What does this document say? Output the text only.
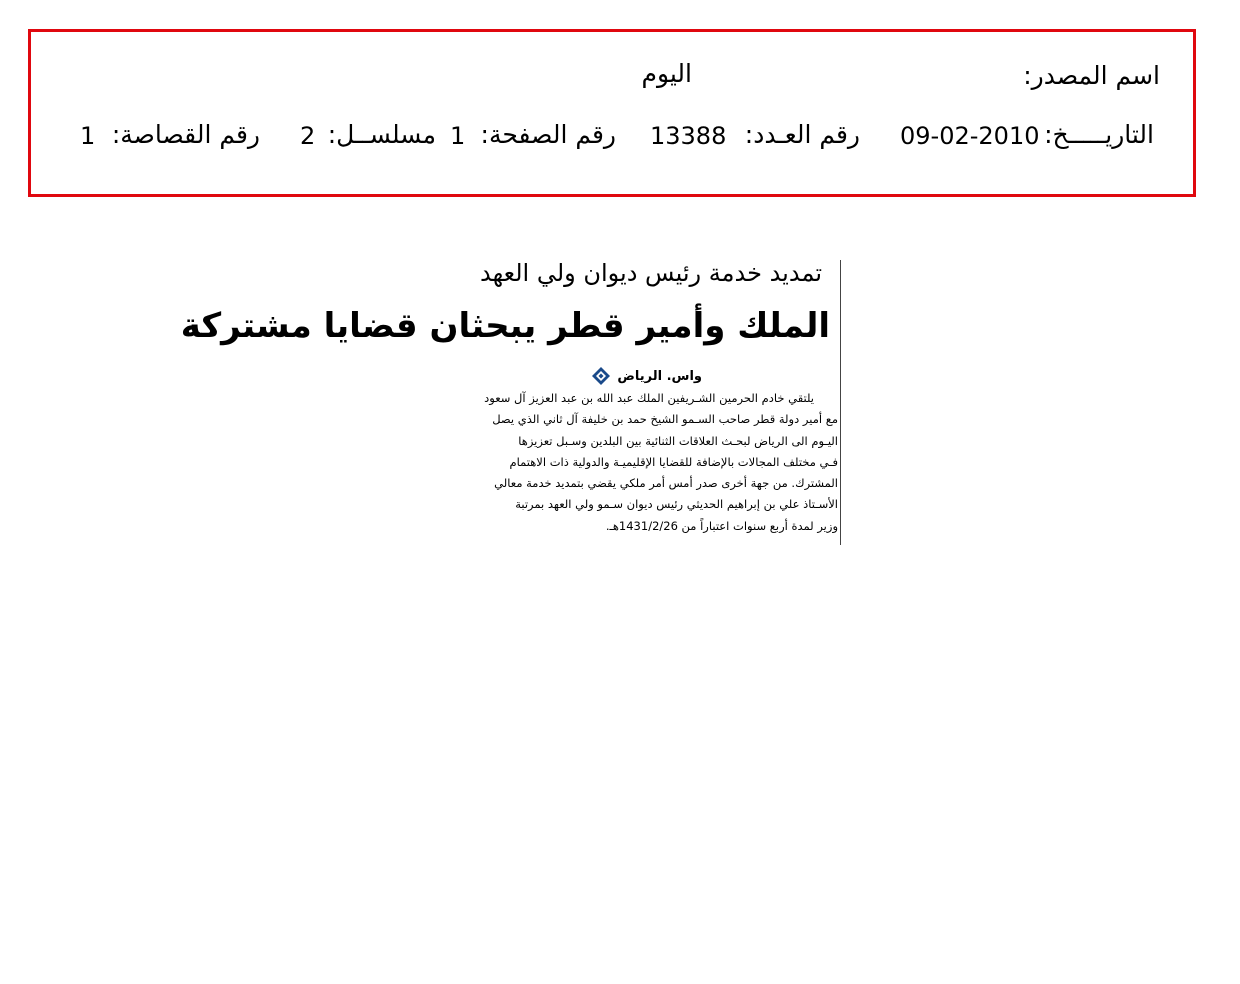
اسم المصدر:
اليوم
التاريـــــخ:
09-02-2010
رقم العـدد:
13388
رقم الصفحة:
1
مسلســل:
2
رقم القصاصة:
1
تمديد خدمة رئيس ديوان ولي العهد
الملك وأمير قطر يبحثان قضايا مشتركة
واس. الرياض
يلتقي خادم الحرمين الشـريفين الملك عبد الله بن عبد العزيز آل سعود
مع أمير دولة قطر صاحب السـمو الشيخ حمد بن خليفة آل ثاني الذي يصل
اليـوم الى الرياض لبحـث العلاقات الثنائية بين البلدين وسـبل تعزيزها
فـي مختلف المجالات بالإضافة للقضايا الإقليميـة والدولية ذات الاهتمام
المشترك. من جهة أخرى صدر أمس أمر ملكي يقضي بتمديد خدمة معالي
الأسـتاذ علي بن إبراهيم الحديثي رئيس ديوان سـمو ولي العهد بمرتبة
وزير لمدة أربع سنوات اعتباراً من 1431/2/26هـ.
